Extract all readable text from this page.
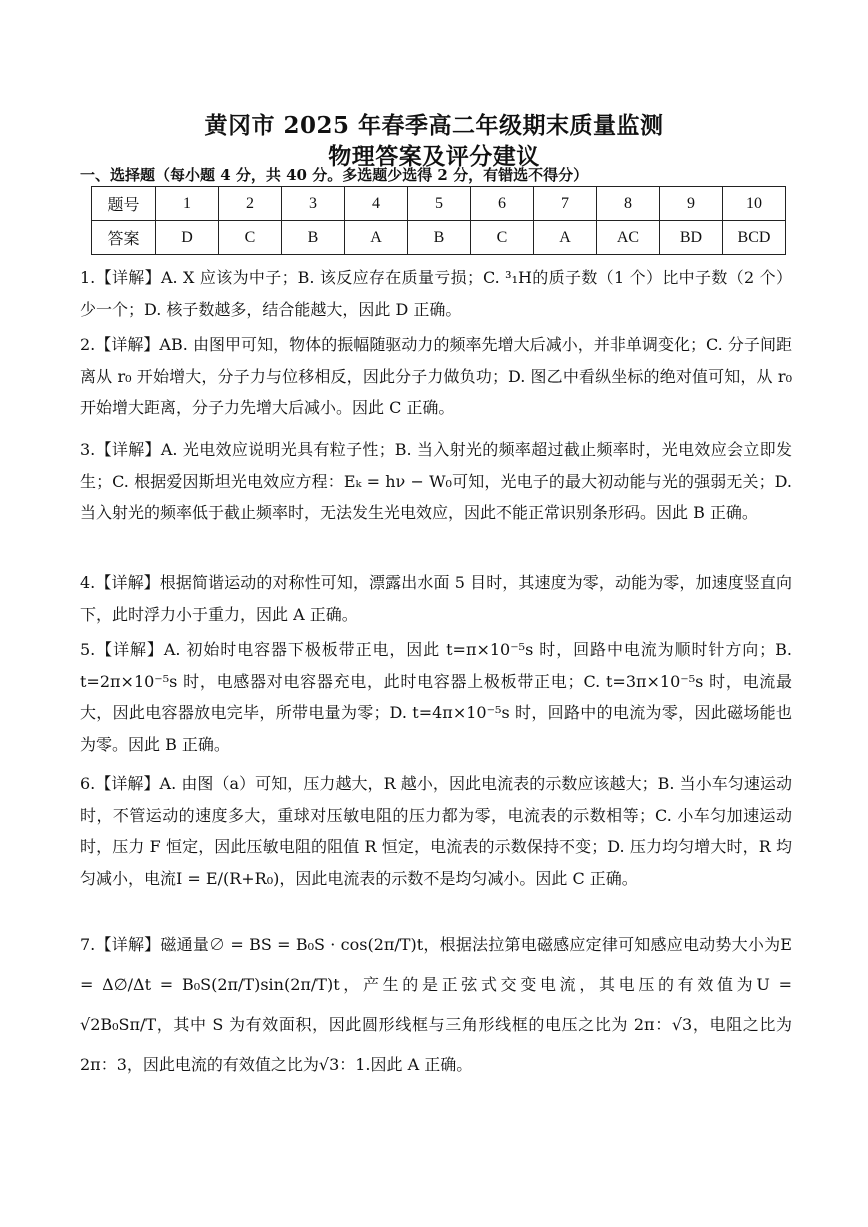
黄冈市 2025 年春季高二年级期末质量监测
物理答案及评分建议
一、选择题（每小题 4 分，共 40 分。多选题少选得 2 分，有错选不得分）
题号	1	2	3	4	5	6	7	8	9	10
答案	D	C	B	A	B	C	A	AC	BD	BCD
1.【详解】A. X 应该为中子；B. 该反应存在质量亏损；C. ³₁H的质子数（1 个）比中子数（2 个）少一个；D. 核子数越多，结合能越大，因此 D 正确。
2.【详解】AB. 由图甲可知，物体的振幅随驱动力的频率先增大后减小，并非单调变化；C. 分子间距离从 r₀ 开始增大，分子力与位移相反，因此分子力做负功；D. 图乙中看纵坐标的绝对值可知，从 r₀ 开始增大距离，分子力先增大后减小。因此 C 正确。
3.【详解】A. 光电效应说明光具有粒子性；B. 当入射光的频率超过截止频率时，光电效应会立即发生；C. 根据爱因斯坦光电效应方程：Eₖ = hν − W₀可知，光电子的最大初动能与光的强弱无关；D. 当入射光的频率低于截止频率时，无法发生光电效应，因此不能正常识别条形码。因此 B 正确。
4.【详解】根据简谐运动的对称性可知，漂露出水面 5 目时，其速度为零，动能为零，加速度竖直向下，此时浮力小于重力，因此 A 正确。
5.【详解】A. 初始时电容器下极板带正电，因此 t=π×10⁻⁵s 时，回路中电流为顺时针方向；B. t=2π×10⁻⁵s 时，电感器对电容器充电，此时电容器上极板带正电；C. t=3π×10⁻⁵s 时，电流最大，因此电容器放电完毕，所带电量为零；D. t=4π×10⁻⁵s 时，回路中的电流为零，因此磁场能也为零。因此 B 正确。
6.【详解】A. 由图（a）可知，压力越大，R 越小，因此电流表的示数应该越大；B. 当小车匀速运动时，不管运动的速度多大，重球对压敏电阻的压力都为零，电流表的示数相等；C. 小车匀加速运动时，压力 F 恒定，因此压敏电阻的阻值 R 恒定，电流表的示数保持不变；D. 压力均匀增大时，R 均匀减小，电流I = E/(R+R₀)，因此电流表的示数不是均匀减小。因此 C 正确。
7.【详解】磁通量∅ = BS = B₀S · cos(2π/T)t，根据法拉第电磁感应定律可知感应电动势大小为E = Δ∅/Δt = B₀S(2π/T)sin(2π/T)t，产生的是正弦式交变电流，其电压的有效值为U = √2B₀Sπ/T，其中 S 为有效面积，因此圆形线框与三角形线框的电压之比为 2π：√3，电阻之比为 2π：3，因此电流的有效值之比为√3：1.因此 A 正确。
